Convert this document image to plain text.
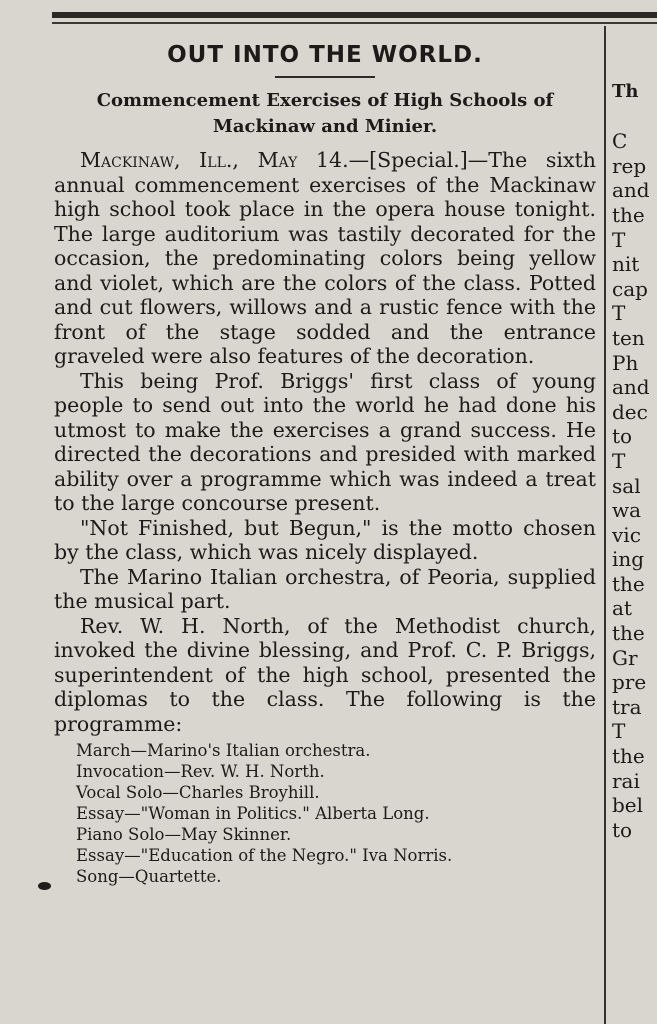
OUT INTO THE WORLD.
Commencement Exercises of High Schools of Mackinaw and Minier.

Mackinaw, Ill., May 14.—[Special.]—The sixth annual commencement exercises of the Mackinaw high school took place in the opera house tonight. The large auditorium was tastily decorated for the occasion, the predominating colors being yellow and violet, which are the colors of the class. Potted and cut flowers, willows and a rustic fence with the front of the stage sodded and the entrance graveled were also features of the decoration.

This being Prof. Briggs' first class of young people to send out into the world he had done his utmost to make the exercises a grand success. He directed the decorations and presided with marked ability over a programme which was indeed a treat to the large concourse present.

"Not Finished, but Begun," is the motto chosen by the class, which was nicely displayed.

The Marino Italian orchestra, of Peoria, supplied the musical part.

Rev. W. H. North, of the Methodist church, invoked the divine blessing, and Prof. C. P. Briggs, superintendent of the high school, presented the diplomas to the class. The following is the programme:

March—Marino's Italian orchestra.
Invocation—Rev. W. H. North.
Vocal Solo—Charles Broyhill.
Essay—"Woman in Politics." Alberta Long.
Piano Solo—May Skinner.
Essay—"Education of the Negro." Iva Norris.
Song—Quartette.
Th

C
rep
and
the
T
nit
cap
T
ten
Ph
and
dec
to
T
sal
wa
vic
ing
the
at
the
Gr
pre
tra
T
the
rai
bel
to
